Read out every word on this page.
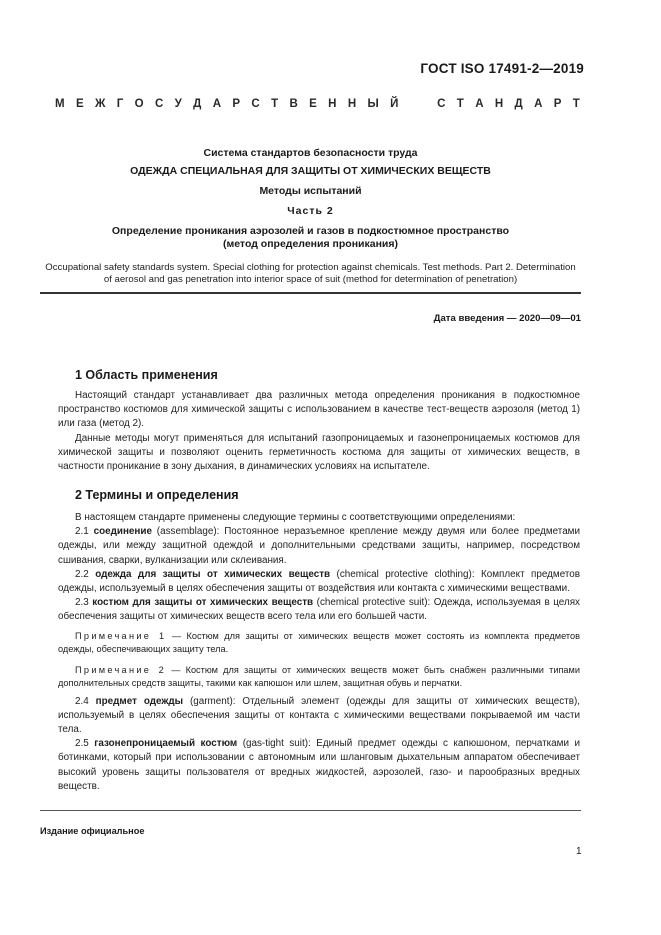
ГОСТ ISO 17491-2—2019
М Е Ж Г О С У Д А Р С Т В Е Н Н Ы Й	С Т А Н Д А Р Т
Система стандартов безопасности труда
ОДЕЖДА СПЕЦИАЛЬНАЯ ДЛЯ ЗАЩИТЫ ОТ ХИМИЧЕСКИХ ВЕЩЕСТВ
Методы испытаний
Часть 2
Определение проникания аэрозолей и газов в подкостюмное пространство
(метод определения проникания)
Occupational safety standards system. Special clothing for protection against chemicals. Test methods. Part 2. Determination of aerosol and gas penetration into interior space of suit (method for determination of penetration)
Дата введения — 2020—09—01
1 Область применения

Настоящий стандарт устанавливает два различных метода определения проникания в подкостюмное пространство костюмов для химической защиты с использованием в качестве тест-веществ аэрозоля (метод 1) или газа (метод 2).

Данные методы могут применяться для испытаний газопроницаемых и газонепроницаемых костюмов для химической защиты и позволяют оценить герметичность костюма для защиты от химических веществ, в частности проникание в зону дыхания, в динамических условиях на испытателе.

2 Термины и определения

В настоящем стандарте применены следующие термины с соответствующими определениями:

2.1 соединение (assemblage): Постоянное неразъемное крепление между двумя или более предметами одежды, или между защитной одеждой и дополнительными средствами защиты, например, посредством сшивания, сварки, вулканизации или склеивания.

2.2 одежда для защиты от химических веществ (chemical protective clothing): Комплект предметов одежды, используемый в целях обеспечения защиты от воздействия или контакта с химическими веществами.

2.3 костюм для защиты от химических веществ (chemical protective suit): Одежда, используемая в целях обеспечения защиты от химических веществ всего тела или его большей части.

Примечание 1 — Костюм для защиты от химических веществ может состоять из комплекта предметов одежды, обеспечивающих защиту тела.

Примечание 2 — Костюм для защиты от химических веществ может быть снабжен различными типами дополнительных средств защиты, такими как капюшон или шлем, защитная обувь и перчатки.

2.4 предмет одежды (garment): Отдельный элемент (одежды для защиты от химических веществ), используемый в целях обеспечения защиты от контакта с химическими веществами покрываемой им части тела.

2.5 газонепроницаемый костюм (gas-tight suit): Единый предмет одежды с капюшоном, перчатками и ботинками, который при использовании с автономным или шланговым дыхательным аппаратом обеспечивает высокий уровень защиты пользователя от вредных жидкостей, аэрозолей, газо- и парообразных вредных веществ.

Издание официальное
1
